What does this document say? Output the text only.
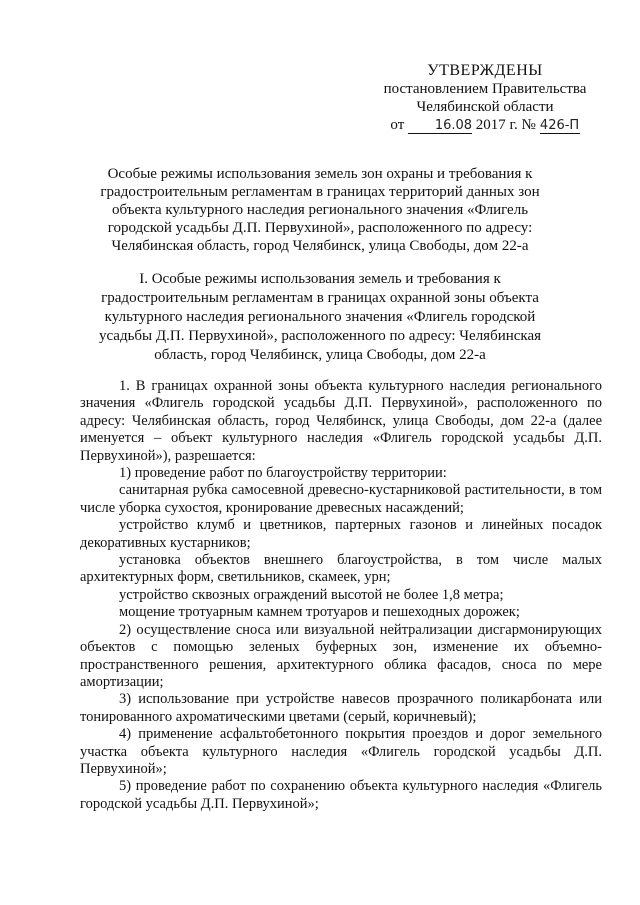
УТВЕРЖДЕНЫ
постановлением Правительства
Челябинской области
от 16.08 2017 г. № 426-П
Особые режимы использования земель зон охраны и требования к градостроительным регламентам в границах территорий данных зон объекта культурного наследия регионального значения «Флигель городской усадьбы Д.П. Первухиной», расположенного по адресу: Челябинская область, город Челябинск, улица Свободы, дом 22-а
I. Особые режимы использования земель и требования к градостроительным регламентам в границах охранной зоны объекта культурного наследия регионального значения «Флигель городской усадьбы Д.П. Первухиной», расположенного по адресу: Челябинская область, город Челябинск, улица Свободы, дом 22-а

1. В границах охранной зоны объекта культурного наследия регионального значения «Флигель городской усадьбы Д.П. Первухиной», расположенного по адресу: Челябинская область, город Челябинск, улица Свободы, дом 22-а (далее именуется – объект культурного наследия «Флигель городской усадьбы Д.П. Первухиной»), разрешается:

1) проведение работ по благоустройству территории:

санитарная рубка самосевной древесно-кустарниковой растительности, в том числе уборка сухостоя, кронирование древесных насаждений;

устройство клумб и цветников, партерных газонов и линейных посадок декоративных кустарников;

установка объектов внешнего благоустройства, в том числе малых архитектурных форм, светильников, скамеек, урн;

устройство сквозных ограждений высотой не более 1,8 метра;

мощение тротуарным камнем тротуаров и пешеходных дорожек;

2) осуществление сноса или визуальной нейтрализации дисгармонирующих объектов с помощью зеленых буферных зон, изменение их объемно-пространственного решения, архитектурного облика фасадов, сноса по мере амортизации;

3) использование при устройстве навесов прозрачного поликарбоната или тонированного ахроматическими цветами (серый, коричневый);

4) применение асфальтобетонного покрытия проездов и дорог земельного участка объекта культурного наследия «Флигель городской усадьбы Д.П. Первухиной»;

5) проведение работ по сохранению объекта культурного наследия «Флигель городской усадьбы Д.П. Первухиной»;
